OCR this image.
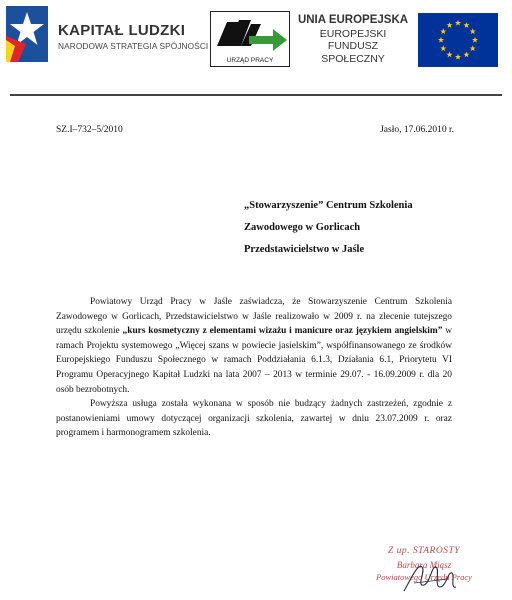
KAPITAŁ LUDZKI
NARODOWA STRATEGIA SPÓJNOŚCI
URZĄD PRACY
UNIA EUROPEJSKA
EUROPEJSKI
FUNDUSZ SPOŁECZNY
SZ.I–732–5/2010	Jasło, 17.06.2010 r.
„Stowarzyszenie” Centrum Szkolenia
Zawodowego w Gorlicach
Przedstawicielstwo w Jaśle

Powiatowy Urząd Pracy w Jaśle zaświadcza, że Stowarzyszenie Centrum Szkolenia Zawodowego w Gorlicach, Przedstawicielstwo w Jaśle realizowało w 2009 r. na zlecenie tutejszego urzędu szkolenie „kurs kosmetyczny z elementami wizażu i manicure oraz językiem angielskim” w ramach Projektu systemowego „Więcej szans w powiecie jasielskim”, współfinansowanego ze środków Europejskiego Funduszu Społecznego w ramach Poddziałania 6.1.3, Działania 6.1, Priorytetu VI Programu Operacyjnego Kapitał Ludzki na lata 2007 – 2013 w terminie 29.07. - 16.09.2009 r. dla 20 osób bezrobotnych.

Powyższa usługa została wykonana w sposób nie budzący żadnych zastrzeżeń, zgodnie z postanowieniami umowy dotyczącej organizacji szkolenia, zawartej w dniu 23.07.2009 r. oraz programem i harmonogramem szkolenia.

Z up. STAROSTY
Barbara Miąsz
Powiatowego Urzędu Pracy
